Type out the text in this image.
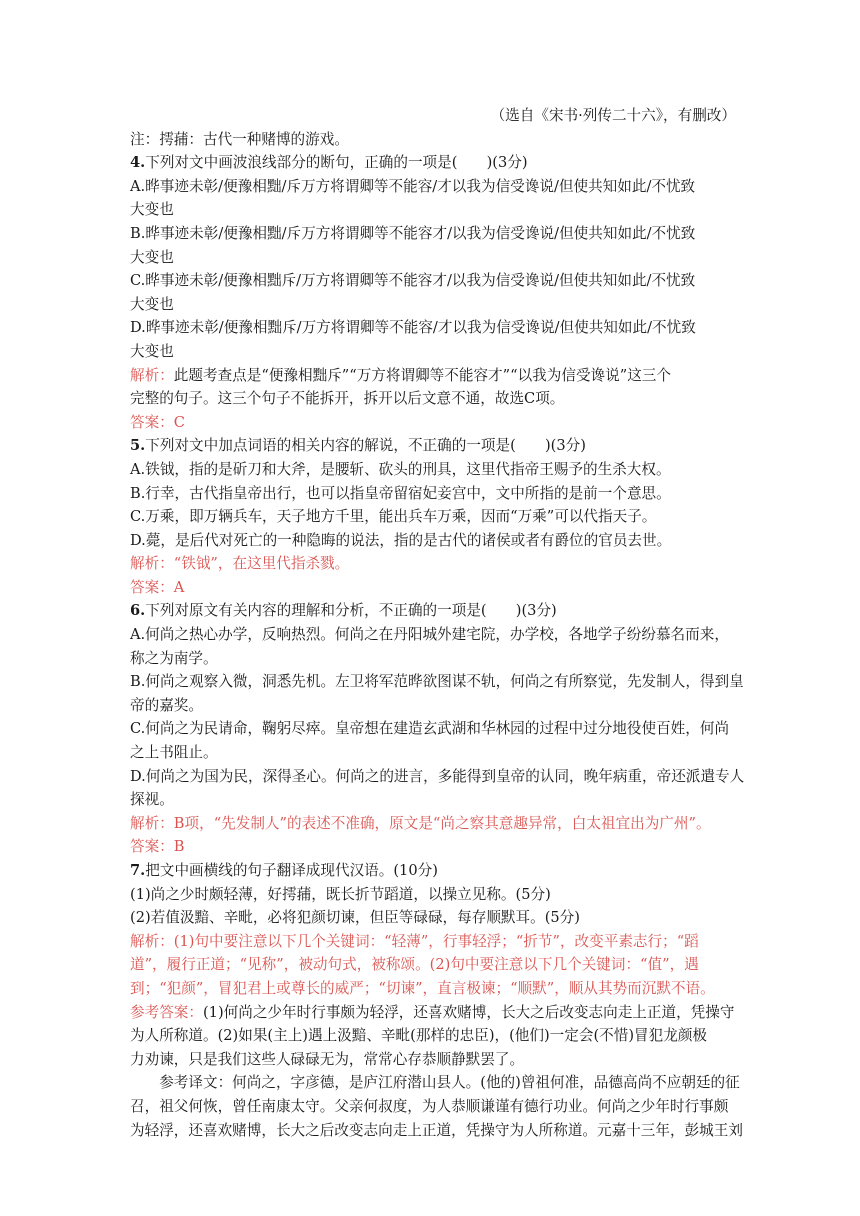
（选自《宋书·列传二十六》，有删改）
注：摴蒱：古代一种赌博的游戏。
4.下列对文中画波浪线部分的断句，正确的一项是(　　)(3分)
A.晔事迹未彰/便豫相黜/斥万方将谓卿等不能容/才以我为信受谗说/但使共知如此/不忧致
大变也
B.晔事迹未彰/便豫相黜/斥万方将谓卿等不能容才/以我为信受谗说/但使共知如此/不忧致
大变也
C.晔事迹未彰/便豫相黜斥/万方将谓卿等不能容才/以我为信受谗说/但使共知如此/不忧致
大变也
D.晔事迹未彰/便豫相黜斥/万方将谓卿等不能容/才以我为信受谗说/但使共知如此/不忧致
大变也
解析：此题考查点是“便豫相黜斥”“万方将谓卿等不能容才”“以我为信受谗说”这三个
完整的句子。这三个句子不能拆开，拆开以后文意不通，故选C项。
答案：C
5.下列对文中加点词语的相关内容的解说，不正确的一项是(　　)(3分)
A.铁钺，指的是斫刀和大斧，是腰斩、砍头的刑具，这里代指帝王赐予的生杀大权。
B.行幸，古代指皇帝出行，也可以指皇帝留宿妃妾宫中，文中所指的是前一个意思。
C.万乘，即万辆兵车，天子地方千里，能出兵车万乘，因而“万乘”可以代指天子。
D.薨，是后代对死亡的一种隐晦的说法，指的是古代的诸侯或者有爵位的官员去世。
解析：“铁钺”，在这里代指杀戮。
答案：A
6.下列对原文有关内容的理解和分析，不正确的一项是(　　)(3分)
A.何尚之热心办学，反响热烈。何尚之在丹阳城外建宅院，办学校，各地学子纷纷慕名而来，
称之为南学。
B.何尚之观察入微，洞悉先机。左卫将军范晔欲图谋不轨，何尚之有所察觉，先发制人，得到皇
帝的嘉奖。
C.何尚之为民请命，鞠躬尽瘁。皇帝想在建造玄武湖和华林园的过程中过分地役使百姓，何尚
之上书阻止。
D.何尚之为国为民，深得圣心。何尚之的进言，多能得到皇帝的认同，晚年病重，帝还派遣专人
探视。
解析：B项，“先发制人”的表述不准确，原文是“尚之察其意趣异常，白太祖宜出为广州”。
答案：B
7.把文中画横线的句子翻译成现代汉语。(10分)
(1)尚之少时颇轻薄，好摴蒱，既长折节蹈道，以操立见称。(5分)
(2)若值汲黯、辛毗，必将犯颜切谏，但臣等碌碌，每存顺默耳。(5分)
解析：(1)句中要注意以下几个关键词：“轻薄”，行事轻浮；“折节”，改变平素志行；“蹈
道”，履行正道；“见称”，被动句式，被称颂。(2)句中要注意以下几个关键词：“值”，遇
到；“犯颜”，冒犯君上或尊长的威严；“切谏”，直言极谏；“顺默”，顺从其势而沉默不语。
参考答案：(1)何尚之少年时行事颇为轻浮，还喜欢赌博，长大之后改变志向走上正道，凭操守
为人所称道。(2)如果(主上)遇上汲黯、辛毗(那样的忠臣)，(他们)一定会(不惜)冒犯龙颜极
力劝谏，只是我们这些人碌碌无为，常常心存恭顺静默罢了。
参考译文：何尚之，字彦德，是庐江府潜山县人。(他的)曾祖何准，品德高尚不应朝廷的征
召，祖父何恢，曾任南康太守。父亲何叔度，为人恭顺谦谨有德行功业。何尚之少年时行事颇
为轻浮，还喜欢赌博，长大之后改变志向走上正道，凭操守为人所称道。元嘉十三年，彭城王刘
